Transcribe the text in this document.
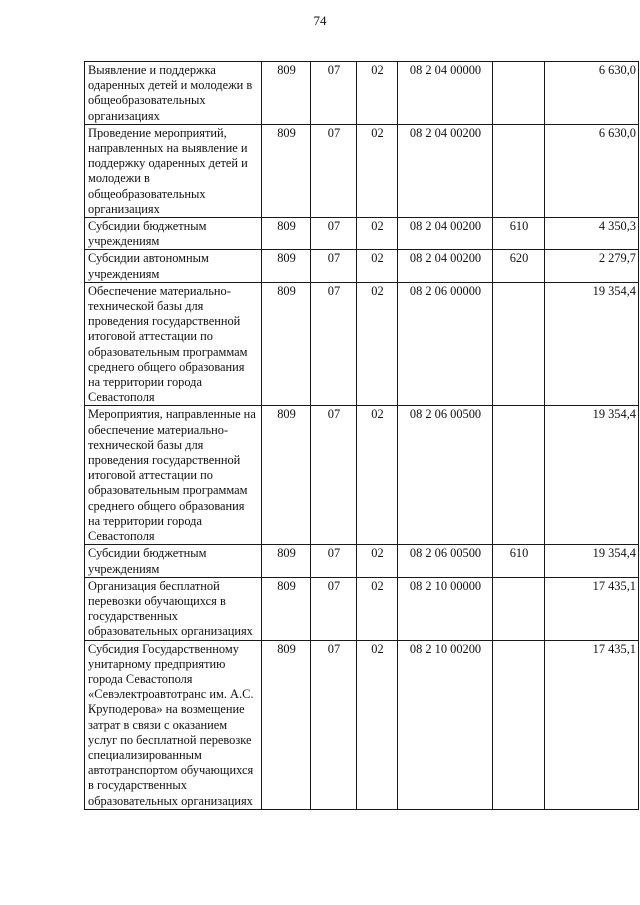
74
Выявление и поддержка одаренных детей и молодежи в общеобразовательных организациях	809	07	02	08 2 04 00000		6 630,0
Проведение мероприятий, направленных на выявление и поддержку одаренных детей и молодежи в общеобразовательных организациях	809	07	02	08 2 04 00200		6 630,0
Субсидии бюджетным учреждениям	809	07	02	08 2 04 00200	610	4 350,3
Субсидии автономным учреждениям	809	07	02	08 2 04 00200	620	2 279,7
Обеспечение материально-технической базы для проведения государственной итоговой аттестации по образовательным программам среднего общего образования на территории города Севастополя	809	07	02	08 2 06 00000		19 354,4
Мероприятия, направленные на обеспечение материально-технической базы для проведения государственной итоговой аттестации по образовательным программам среднего общего образования на территории города Севастополя	809	07	02	08 2 06 00500		19 354,4
Субсидии бюджетным учреждениям	809	07	02	08 2 06 00500	610	19 354,4
Организация бесплатной перевозки обучающихся в государственных образовательных организациях	809	07	02	08 2 10 00000		17 435,1
Субсидия Государственному унитарному предприятию города Севастополя «Севэлектроавтотранс им. А.С. Круподерова» на возмещение затрат в связи с оказанием услуг по бесплатной перевозке специализированным автотранспортом обучающихся в государственных образовательных организациях	809	07	02	08 2 10 00200		17 435,1
